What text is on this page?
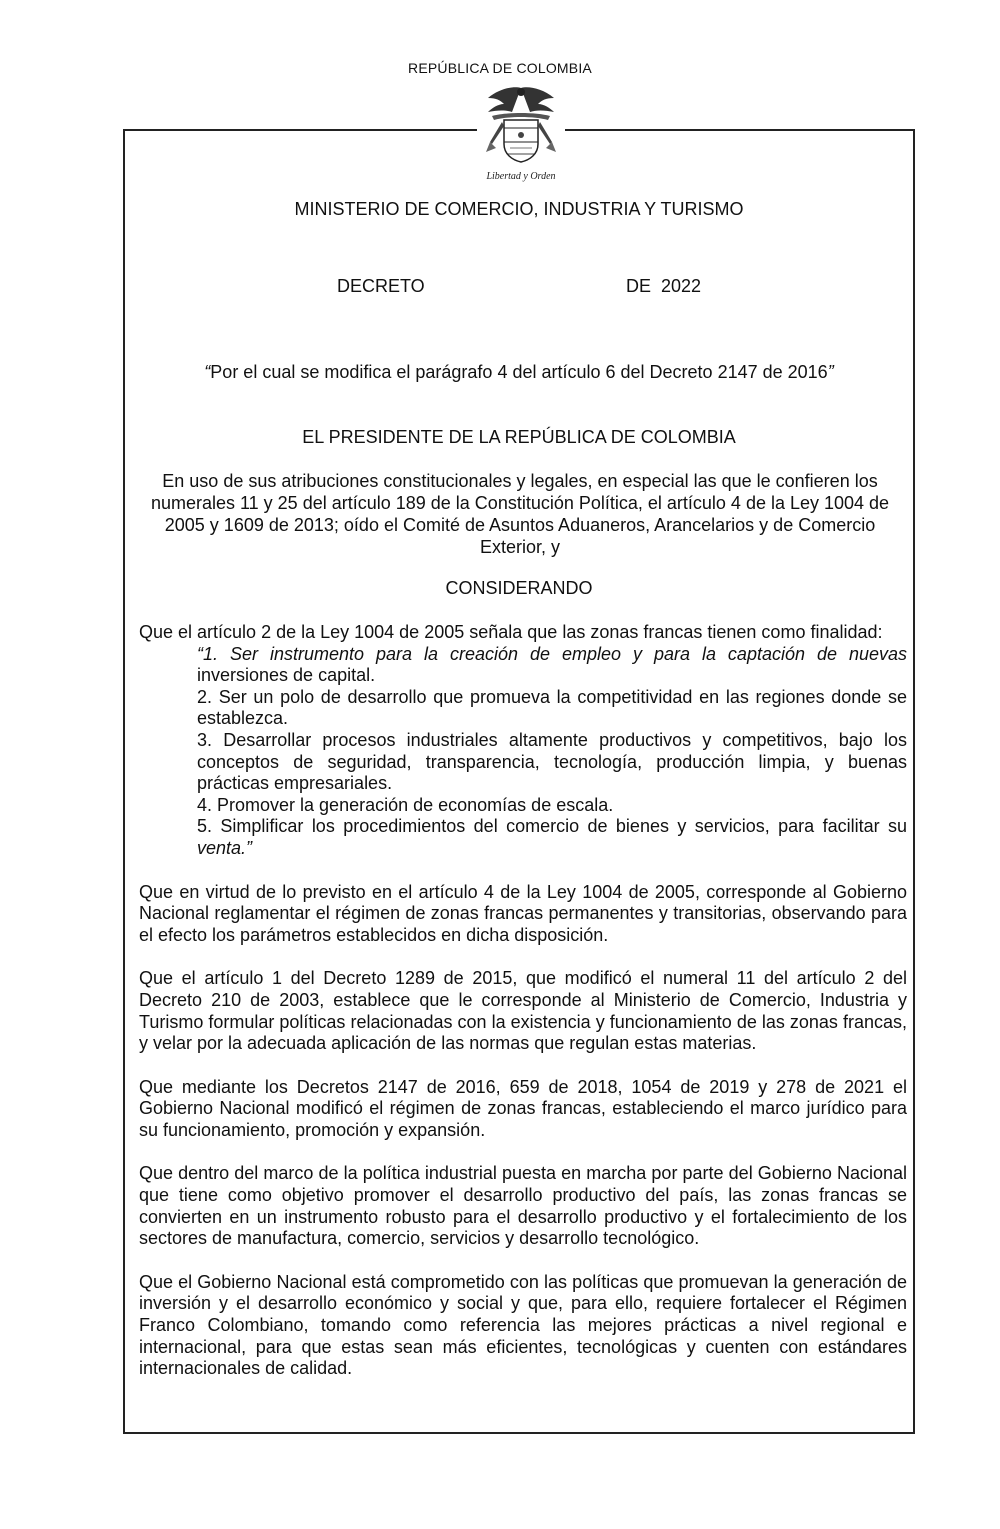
REPÚBLICA DE COLOMBIA
Libertad y Orden
MINISTERIO DE COMERCIO, INDUSTRIA Y TURISMO
DECRETO	DE  2022
“Por el cual se modifica el parágrafo 4 del artículo 6 del Decreto 2147 de 2016”
EL PRESIDENTE DE LA REPÚBLICA DE COLOMBIA
En uso de sus atribuciones constitucionales y legales, en especial las que le confieren los numerales 11 y 25 del artículo 189 de la Constitución Política, el artículo 4 de la Ley 1004 de 2005 y 1609 de 2013; oído el Comité de Asuntos Aduaneros, Arancelarios y de Comercio Exterior, y
CONSIDERANDO

Que el artículo 2 de la Ley 1004 de 2005 señala que las zonas francas tienen como finalidad:

“1. Ser instrumento para la creación de empleo y para la captación de nuevas inversiones de capital.
2. Ser un polo de desarrollo que promueva la competitividad en las regiones donde se establezca.
3. Desarrollar procesos industriales altamente productivos y competitivos, bajo los conceptos de seguridad, transparencia, tecnología, producción limpia, y buenas prácticas empresariales.
4. Promover la generación de economías de escala.
5. Simplificar los procedimientos del comercio de bienes y servicios, para facilitar su venta.”

Que en virtud de lo previsto en el artículo 4 de la Ley 1004 de 2005, corresponde al Gobierno Nacional reglamentar el régimen de zonas francas permanentes y transitorias, observando para el efecto los parámetros establecidos en dicha disposición.

Que el artículo 1 del Decreto 1289 de 2015, que modificó el numeral 11 del artículo 2 del Decreto 210 de 2003, establece que le corresponde al Ministerio de Comercio, Industria y Turismo formular políticas relacionadas con la existencia y funcionamiento de las zonas francas, y velar por la adecuada aplicación de las normas que regulan estas materias.

Que mediante los Decretos 2147 de 2016, 659 de 2018, 1054 de 2019 y 278 de 2021 el Gobierno Nacional modificó el régimen de zonas francas, estableciendo el marco jurídico para su funcionamiento, promoción y expansión.

Que dentro del marco de la política industrial puesta en marcha por parte del Gobierno Nacional que tiene como objetivo promover el desarrollo productivo del país, las zonas francas se convierten en un instrumento robusto para el desarrollo productivo y el fortalecimiento de los sectores de manufactura, comercio, servicios y desarrollo tecnológico.

Que el Gobierno Nacional está comprometido con las políticas que promuevan la generación de inversión y el desarrollo económico y social y que, para ello, requiere fortalecer el Régimen Franco Colombiano, tomando como referencia las mejores prácticas a nivel regional e internacional, para que estas sean más eficientes, tecnológicas y cuenten con estándares internacionales de calidad.
